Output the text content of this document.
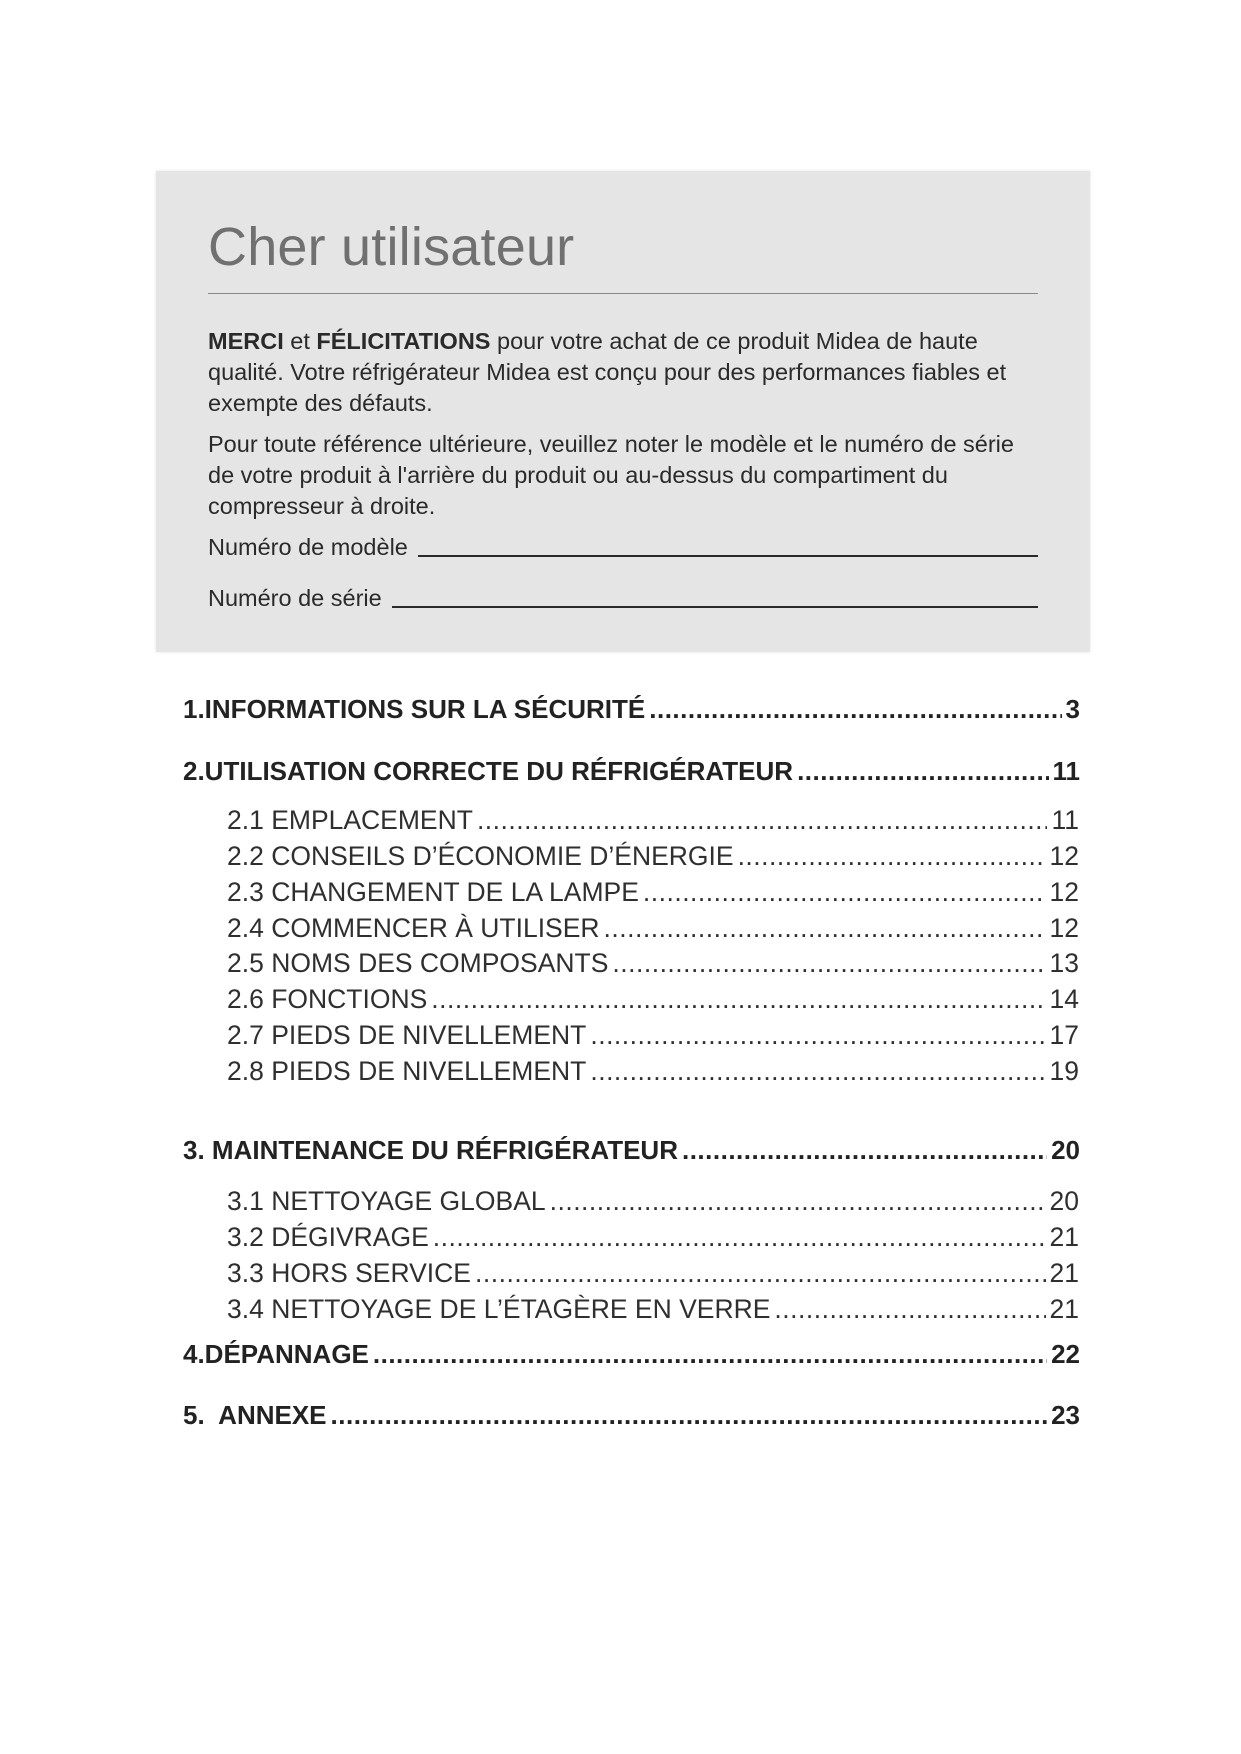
Cher utilisateur

MERCI et FÉLICITATIONS pour votre achat de ce produit Midea de haute qualité. Votre réfrigérateur Midea est conçu pour des performances fiables et exempte des défauts.

Pour toute référence ultérieure, veuillez noter le modèle et le numéro de série de votre produit à l'arrière du produit ou au-dessus du compartiment du compresseur à droite.

Numéro de modèle
Numéro de série
1.INFORMATIONS SUR LA SÉCURITÉ .....	3
2.UTILISATION CORRECTE DU RÉFRIGÉRATEUR .....	11
2.1 EMPLACEMENT .....	11
2.2 CONSEILS D’ÉCONOMIE D’ÉNERGIE .....	12
2.3 CHANGEMENT DE LA LAMPE .....	12
2.4 COMMENCER À UTILISER .....	12
2.5 NOMS DES COMPOSANTS .....	13
2.6 FONCTIONS .....	14
2.7 PIEDS DE NIVELLEMENT .....	17
2.8 PIEDS DE NIVELLEMENT .....	19
3. MAINTENANCE DU RÉFRIGÉRATEUR .....	20
3.1 NETTOYAGE GLOBAL .....	20
3.2 DÉGIVRAGE .....	21
3.3 HORS SERVICE .....	21
3.4 NETTOYAGE DE L’ÉTAGÈRE EN VERRE .....	21
4.DÉPANNAGE .....	22
5.  ANNEXE .....	23
